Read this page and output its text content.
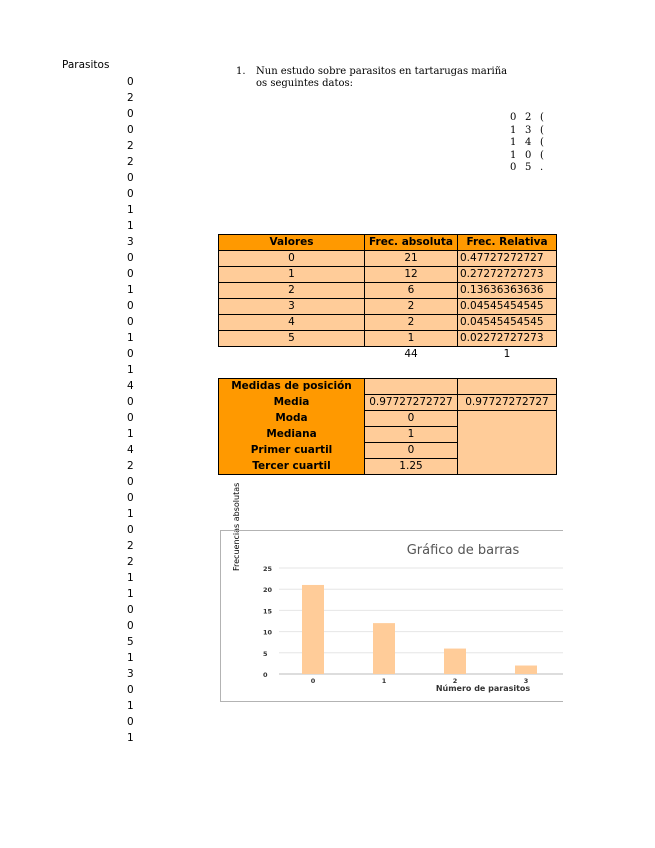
Parasitos
0
2
0
0
2
2
0
0
1
1
3
0
0
1
0
0
1
0
1
4
0
0
1
4
2
0
0
1
0
2
2
1
1
0
0
5
1
3
0
1
0
1
1. Nun estudo sobre parasitos en tartarugas mariña
os seguintes datos:
0 2 (
1 3 (
1 4 (
1 0 (
0 5 .
Valores	Frec. absoluta	Frec. Relativa
0	21	0.47727272727
1	12	0.27272727273
2	6	0.13636363636
3	2	0.04545454545
4	2	0.04545454545
5	1	0.02272727273
	44	1
Medidas de posición		
Media	0.97727272727	0.97727272727
Moda	0	
Mediana	1	
Primer cuartil	0	
Tercer cuartil	1.25	
Frecuencias absolutas	Gráfico de barras
0
5
10
15
20
25
0	1	2	3
Número de parasitos
